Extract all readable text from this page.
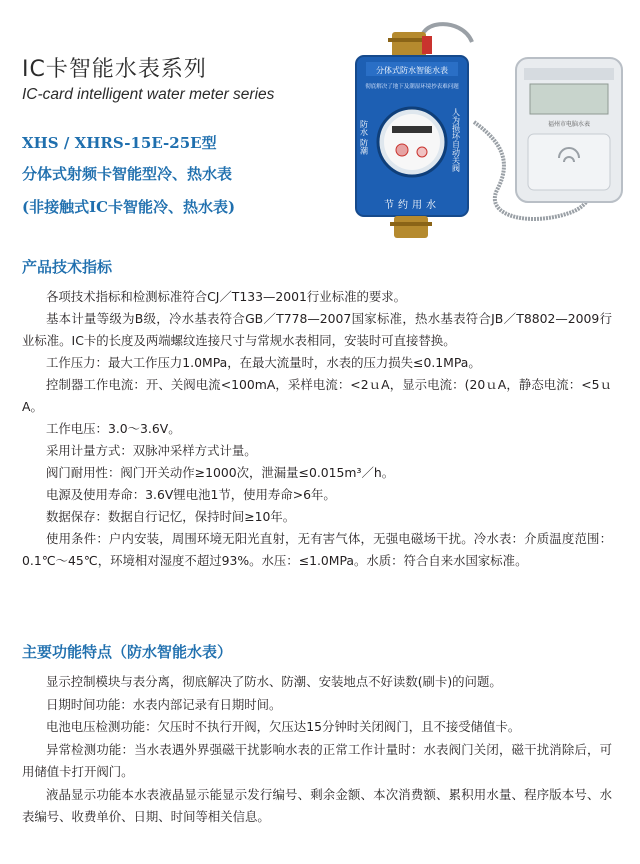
IC卡智能水表系列
IC-card intelligent water meter series
XHS / XHRS-15E-25E型
分体式射频卡智能型冷、热水表
(非接触式IC卡智能冷、热水表)
分体式防水智能水表
彻底解决了地下及潮湿环境抄表难问题
防水 防潮	人为损坏自动关阀
节约用水
福州市电脑水表
产品技术指标
各项技术指标和检测标准符合CJ／T133—2001行业标准的要求。
基本计量等级为B级，冷水基表符合GB／T778—2007国家标准，热水基表符合JB／T8802—2009行业标准。IC卡的长度及两端螺纹连接尺寸与常规水表相同，安装时可直接替换。
工作压力：最大工作压力1.0MPa，在最大流量时，水表的压力损失≤0.1MPa。
控制器工作电流：开、关阀电流<100mA，采样电流：<2ｕA，显示电流：(20ｕA，静态电流：<5ｕA。
工作电压：3.0～3.6V。
采用计量方式：双脉冲采样方式计量。
阀门耐用性：阀门开关动作≥1000次，泄漏量≤0.015m³／h。
电源及使用寿命：3.6V锂电池1节，使用寿命>6年。
数据保存：数据自行记忆，保持时间≥10年。
使用条件：户内安装，周围环境无阳光直射，无有害气体，无强电磁场干扰。冷水表：介质温度范围：0.1℃～45℃，环境相对湿度不超过93%。水压：≤1.0MPa。水质：符合自来水国家标准。
主要功能特点（防水智能水表）
显示控制模块与表分离，彻底解决了防水、防潮、安装地点不好读数(刷卡)的问题。
日期时间功能：水表内部记录有日期时间。
电池电压检测功能：欠压时不执行开阀，欠压达15分钟时关闭阀门，且不接受储值卡。
异常检测功能：当水表遇外界强磁干扰影响水表的正常工作计量时：水表阀门关闭，磁干扰消除后，可用储值卡打开阀门。
液晶显示功能本水表液晶显示能显示发行编号、剩余金额、本次消费额、累积用水量、程序版本号、水表编号、收费单价、日期、时间等相关信息。
